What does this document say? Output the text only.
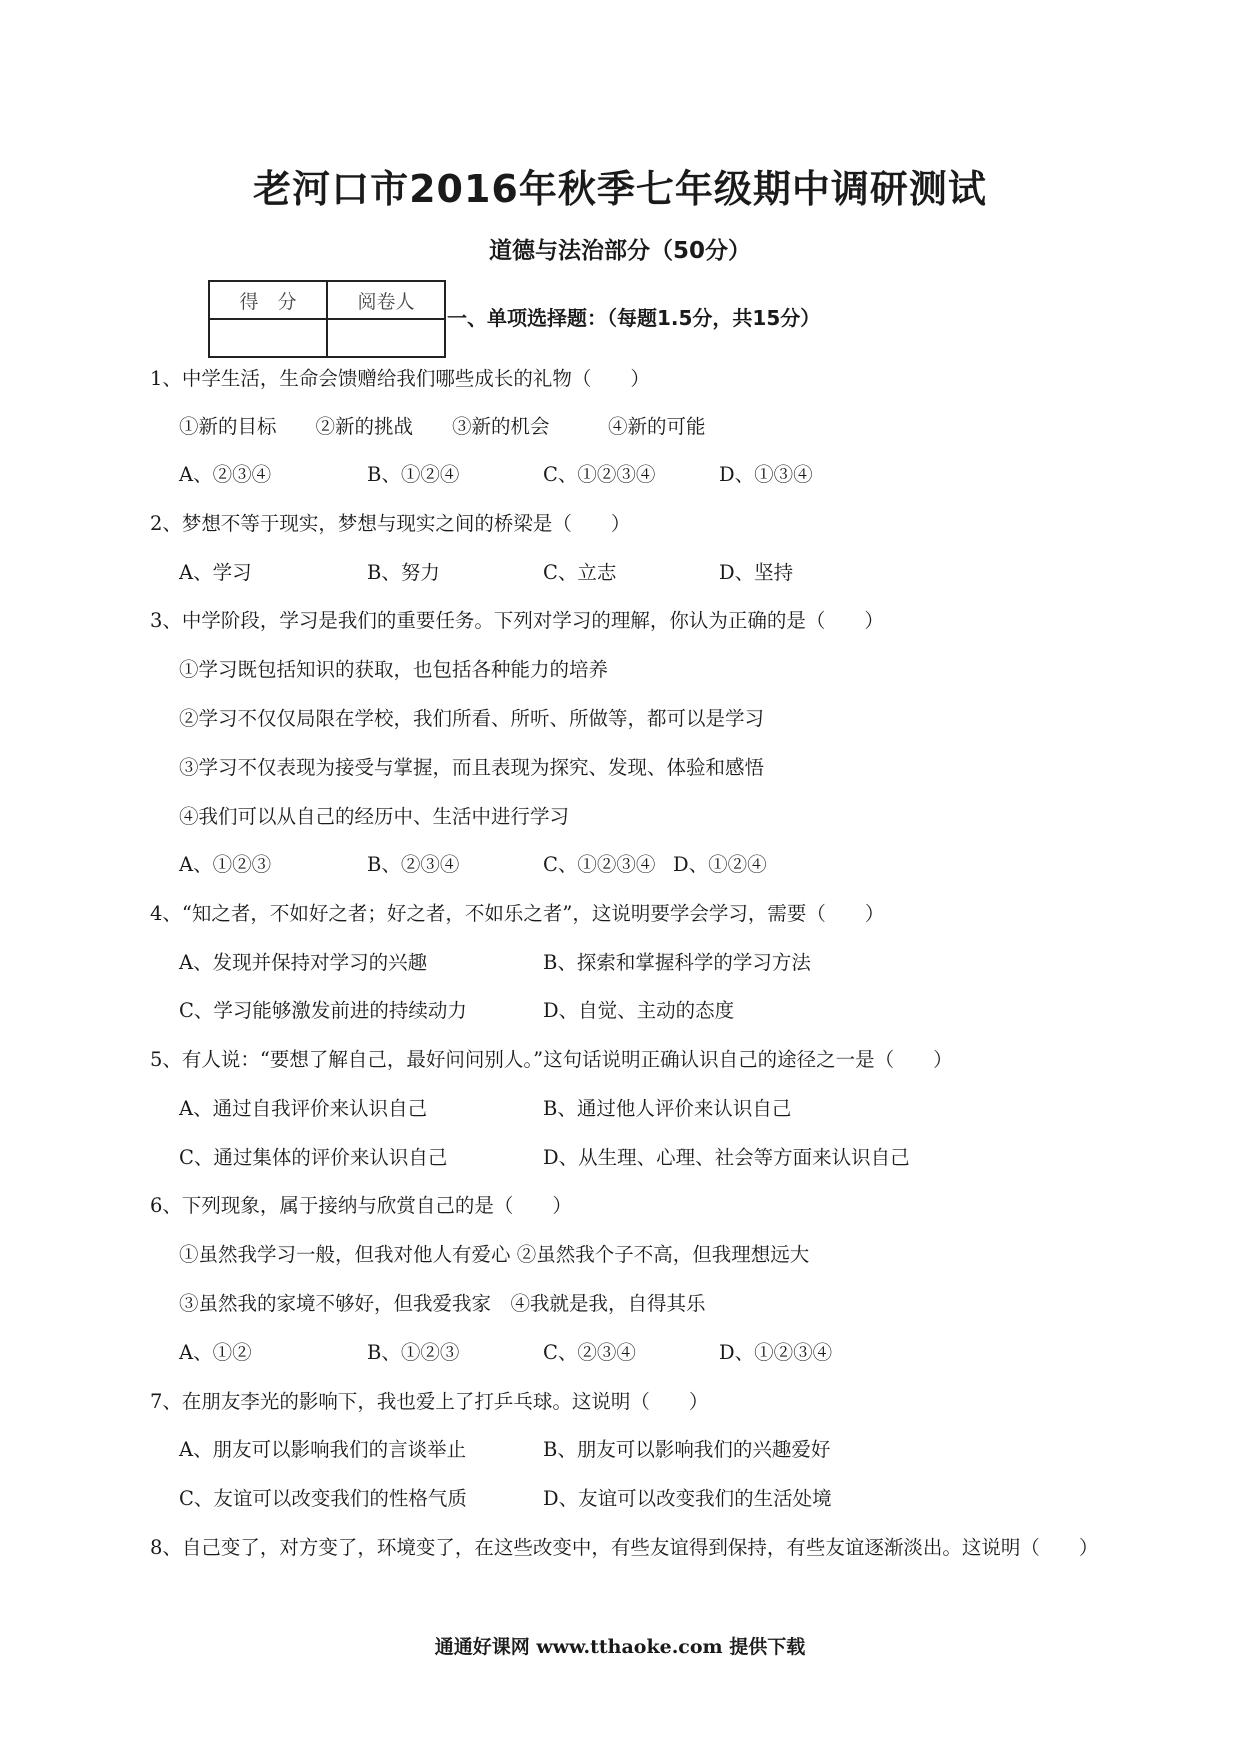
老河口市2016年秋季七年级期中调研测试
道德与法治部分（50分）
得　分	阅卷人

一、单项选择题：（每题1.5分，共15分）
1、中学生活，生命会馈赠给我们哪些成长的礼物（　　）
①新的目标　　②新的挑战　　③新的机会　　　④新的可能
A、②③④	B、①②④	C、①②③④	D、①③④
2、梦想不等于现实，梦想与现实之间的桥梁是（　　）
A、学习	B、努力	C、立志	D、坚持
3、中学阶段，学习是我们的重要任务。下列对学习的理解，你认为正确的是（　　）
①学习既包括知识的获取，也包括各种能力的培养
②学习不仅仅局限在学校，我们所看、所听、所做等，都可以是学习
③学习不仅表现为接受与掌握，而且表现为探究、发现、体验和感悟
④我们可以从自己的经历中、生活中进行学习
A、①②③	B、②③④	C、①②③④ D、①②④
4、“知之者，不如好之者；好之者，不如乐之者”，这说明要学会学习，需要（　　）
A、发现并保持对学习的兴趣	B、探索和掌握科学的学习方法
C、学习能够激发前进的持续动力	D、自觉、主动的态度
5、有人说：“要想了解自己，最好问问别人。”这句话说明正确认识自己的途径之一是（　　）
A、通过自我评价来认识自己	B、通过他人评价来认识自己
C、通过集体的评价来认识自己	D、从生理、心理、社会等方面来认识自己
6、下列现象，属于接纳与欣赏自己的是（　　）
①虽然我学习一般，但我对他人有爱心 ②虽然我个子不高，但我理想远大
③虽然我的家境不够好，但我爱我家　④我就是我，自得其乐
A、①②	B、①②③	C、②③④	D、①②③④
7、在朋友李光的影响下，我也爱上了打乒乓球。这说明（　　）
A、朋友可以影响我们的言谈举止	B、朋友可以影响我们的兴趣爱好
C、友谊可以改变我们的性格气质	D、友谊可以改变我们的生活处境
8、自己变了，对方变了，环境变了，在这些改变中，有些友谊得到保持，有些友谊逐渐淡出。这说明（　　）
通通好课网 www.tthaoke.com 提供下载
